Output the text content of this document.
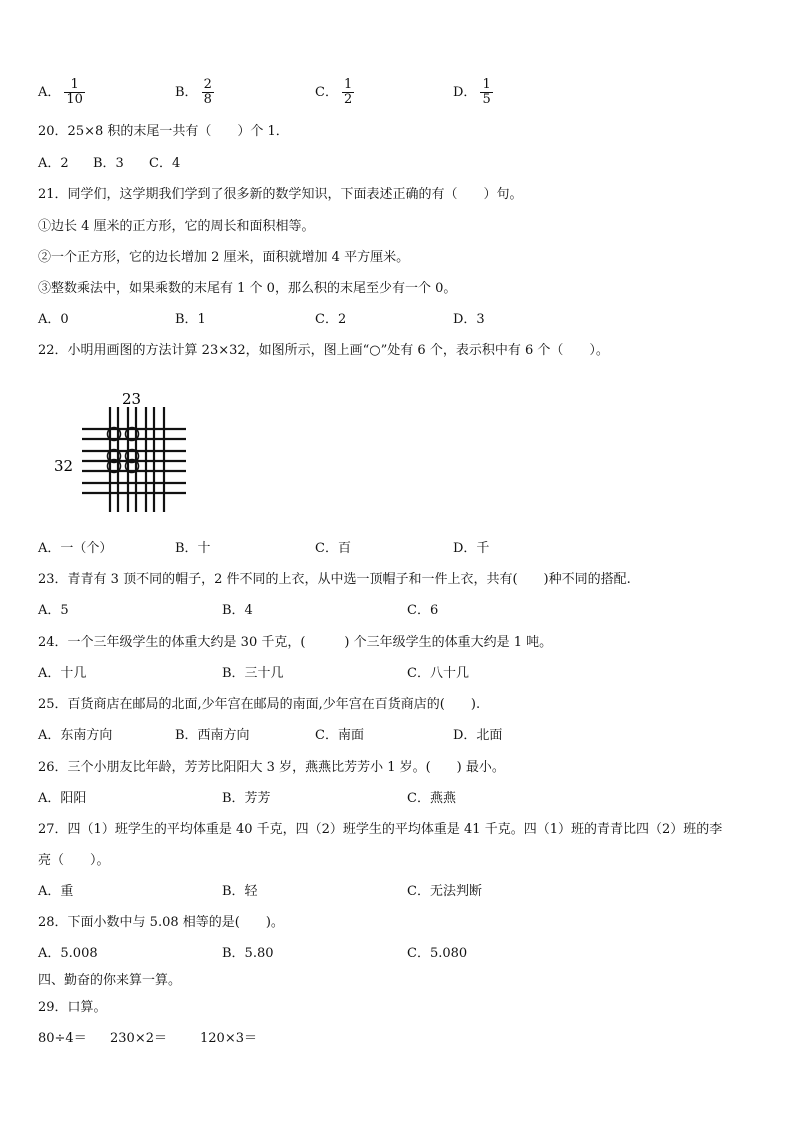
A． $\frac{1}{10}$	B． $\frac{2}{8}$	C． $\frac{1}{2}$	D． $\frac{1}{5}$
20．25×8 积的末尾一共有（　　）个 1．
A．2 B．3 C．4
21．同学们，这学期我们学到了很多新的数学知识，下面表述正确的有（　　）句。
①边长 4 厘米的正方形，它的周长和面积相等。
②一个正方形，它的边长增加 2 厘米，面积就增加 4 平方厘米。
③整数乘法中，如果乘数的末尾有 1 个 0，那么积的末尾至少有一个 0。
A．0	B．1	C．2	D．3
22．小明用画图的方法计算 23×32，如图所示，图上画“○”处有 6 个，表示积中有 6 个（　　）。
23
32
A．一（个）	B．十	C．百	D．千
23．青青有 3 顶不同的帽子，2 件不同的上衣，从中选一顶帽子和一件上衣，共有(　　)种不同的搭配.
A．5	B．4	C．6
24．一个三年级学生的体重大约是 30 千克，(　　　) 个三年级学生的体重大约是 1 吨。
A．十几	B．三十几	C．八十几
25．百货商店在邮局的北面,少年宫在邮局的南面,少年宫在百货商店的(　　).
A．东南方向	B．西南方向	C．南面	D．北面
26．三个小朋友比年龄，芳芳比阳阳大 3 岁，燕燕比芳芳小 1 岁。(　　) 最小。
A．阳阳	B．芳芳	C．燕燕
27．四（1）班学生的平均体重是 40 千克，四（2）班学生的平均体重是 41 千克。四（1）班的青青比四（2）班的李
亮（　　）。
A．重	B．轻	C．无法判断
28．下面小数中与 5.08 相等的是(　　)。
A．5.008	B．5.80	C．5.080
四、勤奋的你来算一算。
29．口算。
80÷4＝ 230×2＝	120×3＝
